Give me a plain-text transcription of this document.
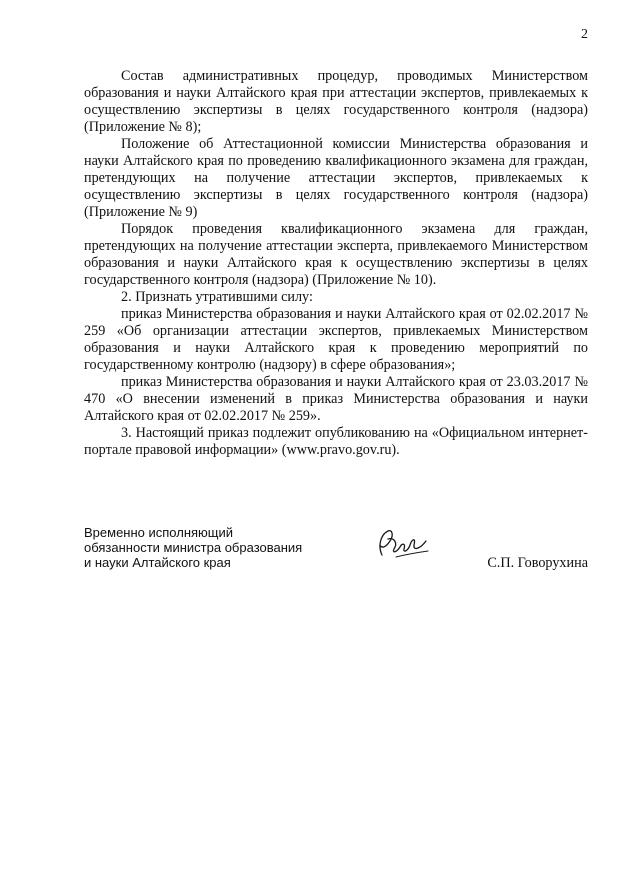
2

Состав административных процедур, проводимых Министерством образования и науки Алтайского края при аттестации экспертов, привлекаемых к осуществлению экспертизы в целях государственного контроля (надзора) (Приложение № 8);

Положение об Аттестационной комиссии Министерства образования и науки Алтайского края по проведению квалификационного экзамена для граждан, претендующих на получение аттестации экспертов, привлекаемых к осуществлению экспертизы в целях государственного контроля (надзора) (Приложение № 9)

Порядок проведения квалификационного экзамена для граждан, претендующих на получение аттестации эксперта, привлекаемого Министерством образования и науки Алтайского края к осуществлению экспертизы в целях государственного контроля (надзора) (Приложение № 10).

2. Признать утратившими силу:

приказ Министерства образования и науки Алтайского края от 02.02.2017 № 259 «Об организации аттестации экспертов, привлекаемых Министерством образования и науки Алтайского края к проведению мероприятий по государственному контролю (надзору) в сфере образования»;

приказ Министерства образования и науки Алтайского края от 23.03.2017 № 470 «О внесении изменений в приказ Министерства образования и науки Алтайского края от 02.02.2017 № 259».

3. Настоящий приказ подлежит опубликованию на «Официальном интернет-портале правовой информации» (www.pravo.gov.ru).

Временно исполняющий
обязанности министра образования
и науки Алтайского края	С.П. Говорухина
